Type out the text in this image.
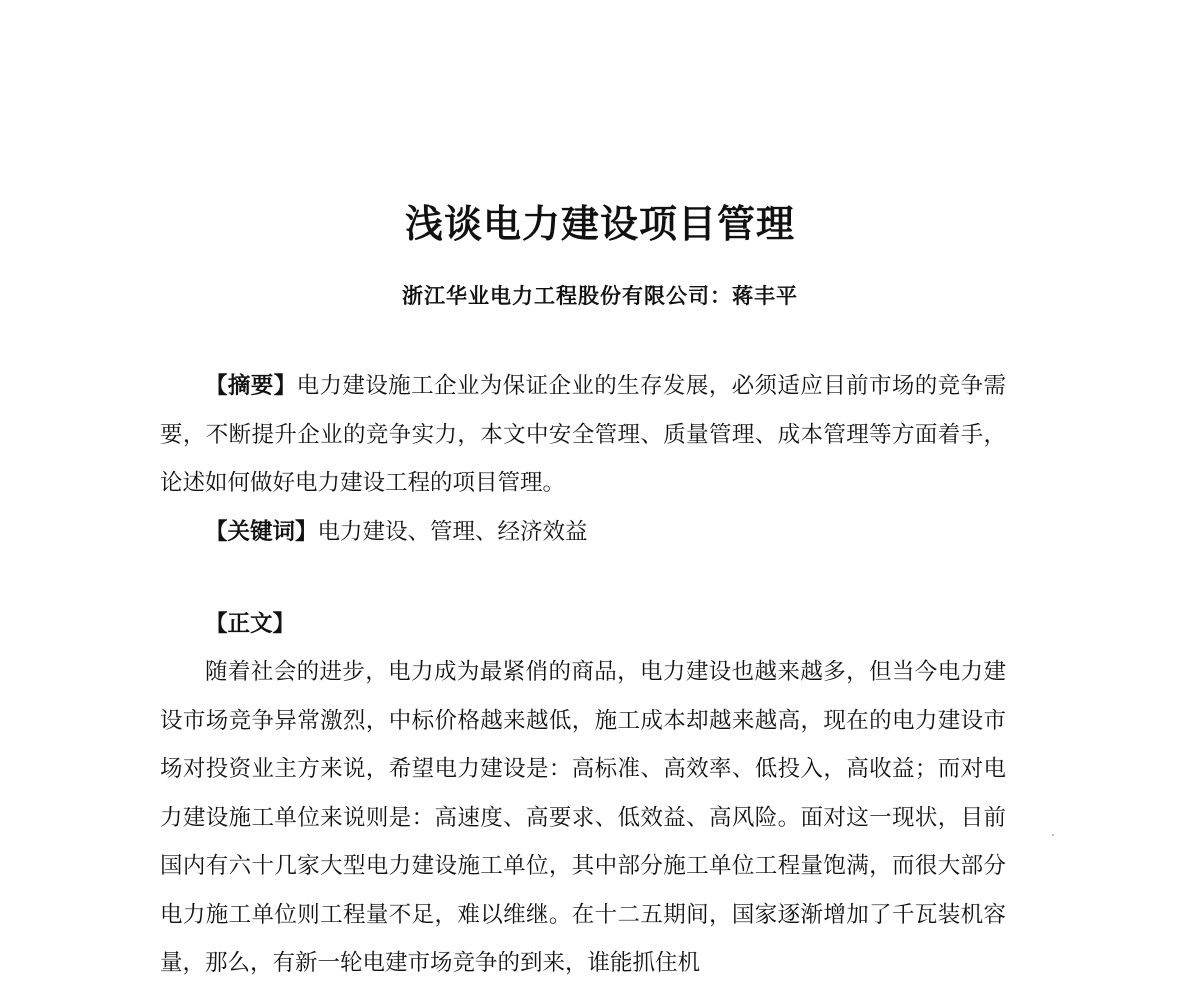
浅谈电力建设项目管理
浙江华业电力工程股份有限公司：蒋丰平

【摘要】电力建设施工企业为保证企业的生存发展，必须适应目前市场的竞争需要，不断提升企业的竞争实力，本文中安全管理、质量管理、成本管理等方面着手，论述如何做好电力建设工程的项目管理。

【关键词】电力建设、管理、经济效益

【正文】

随着社会的进步，电力成为最紧俏的商品，电力建设也越来越多，但当今电力建设市场竞争异常激烈，中标价格越来越低，施工成本却越来越高，现在的电力建设市场对投资业主方来说，希望电力建设是：高标准、高效率、低投入，高收益；而对电力建设施工单位来说则是：高速度、高要求、低效益、高风险。面对这一现状，目前国内有六十几家大型电力建设施工单位，其中部分施工单位工程量饱满，而很大部分电力施工单位则工程量不足，难以维继。在十二五期间，国家逐渐增加了千瓦装机容量，那么，有新一轮电建市场竞争的到来，谁能抓住机
